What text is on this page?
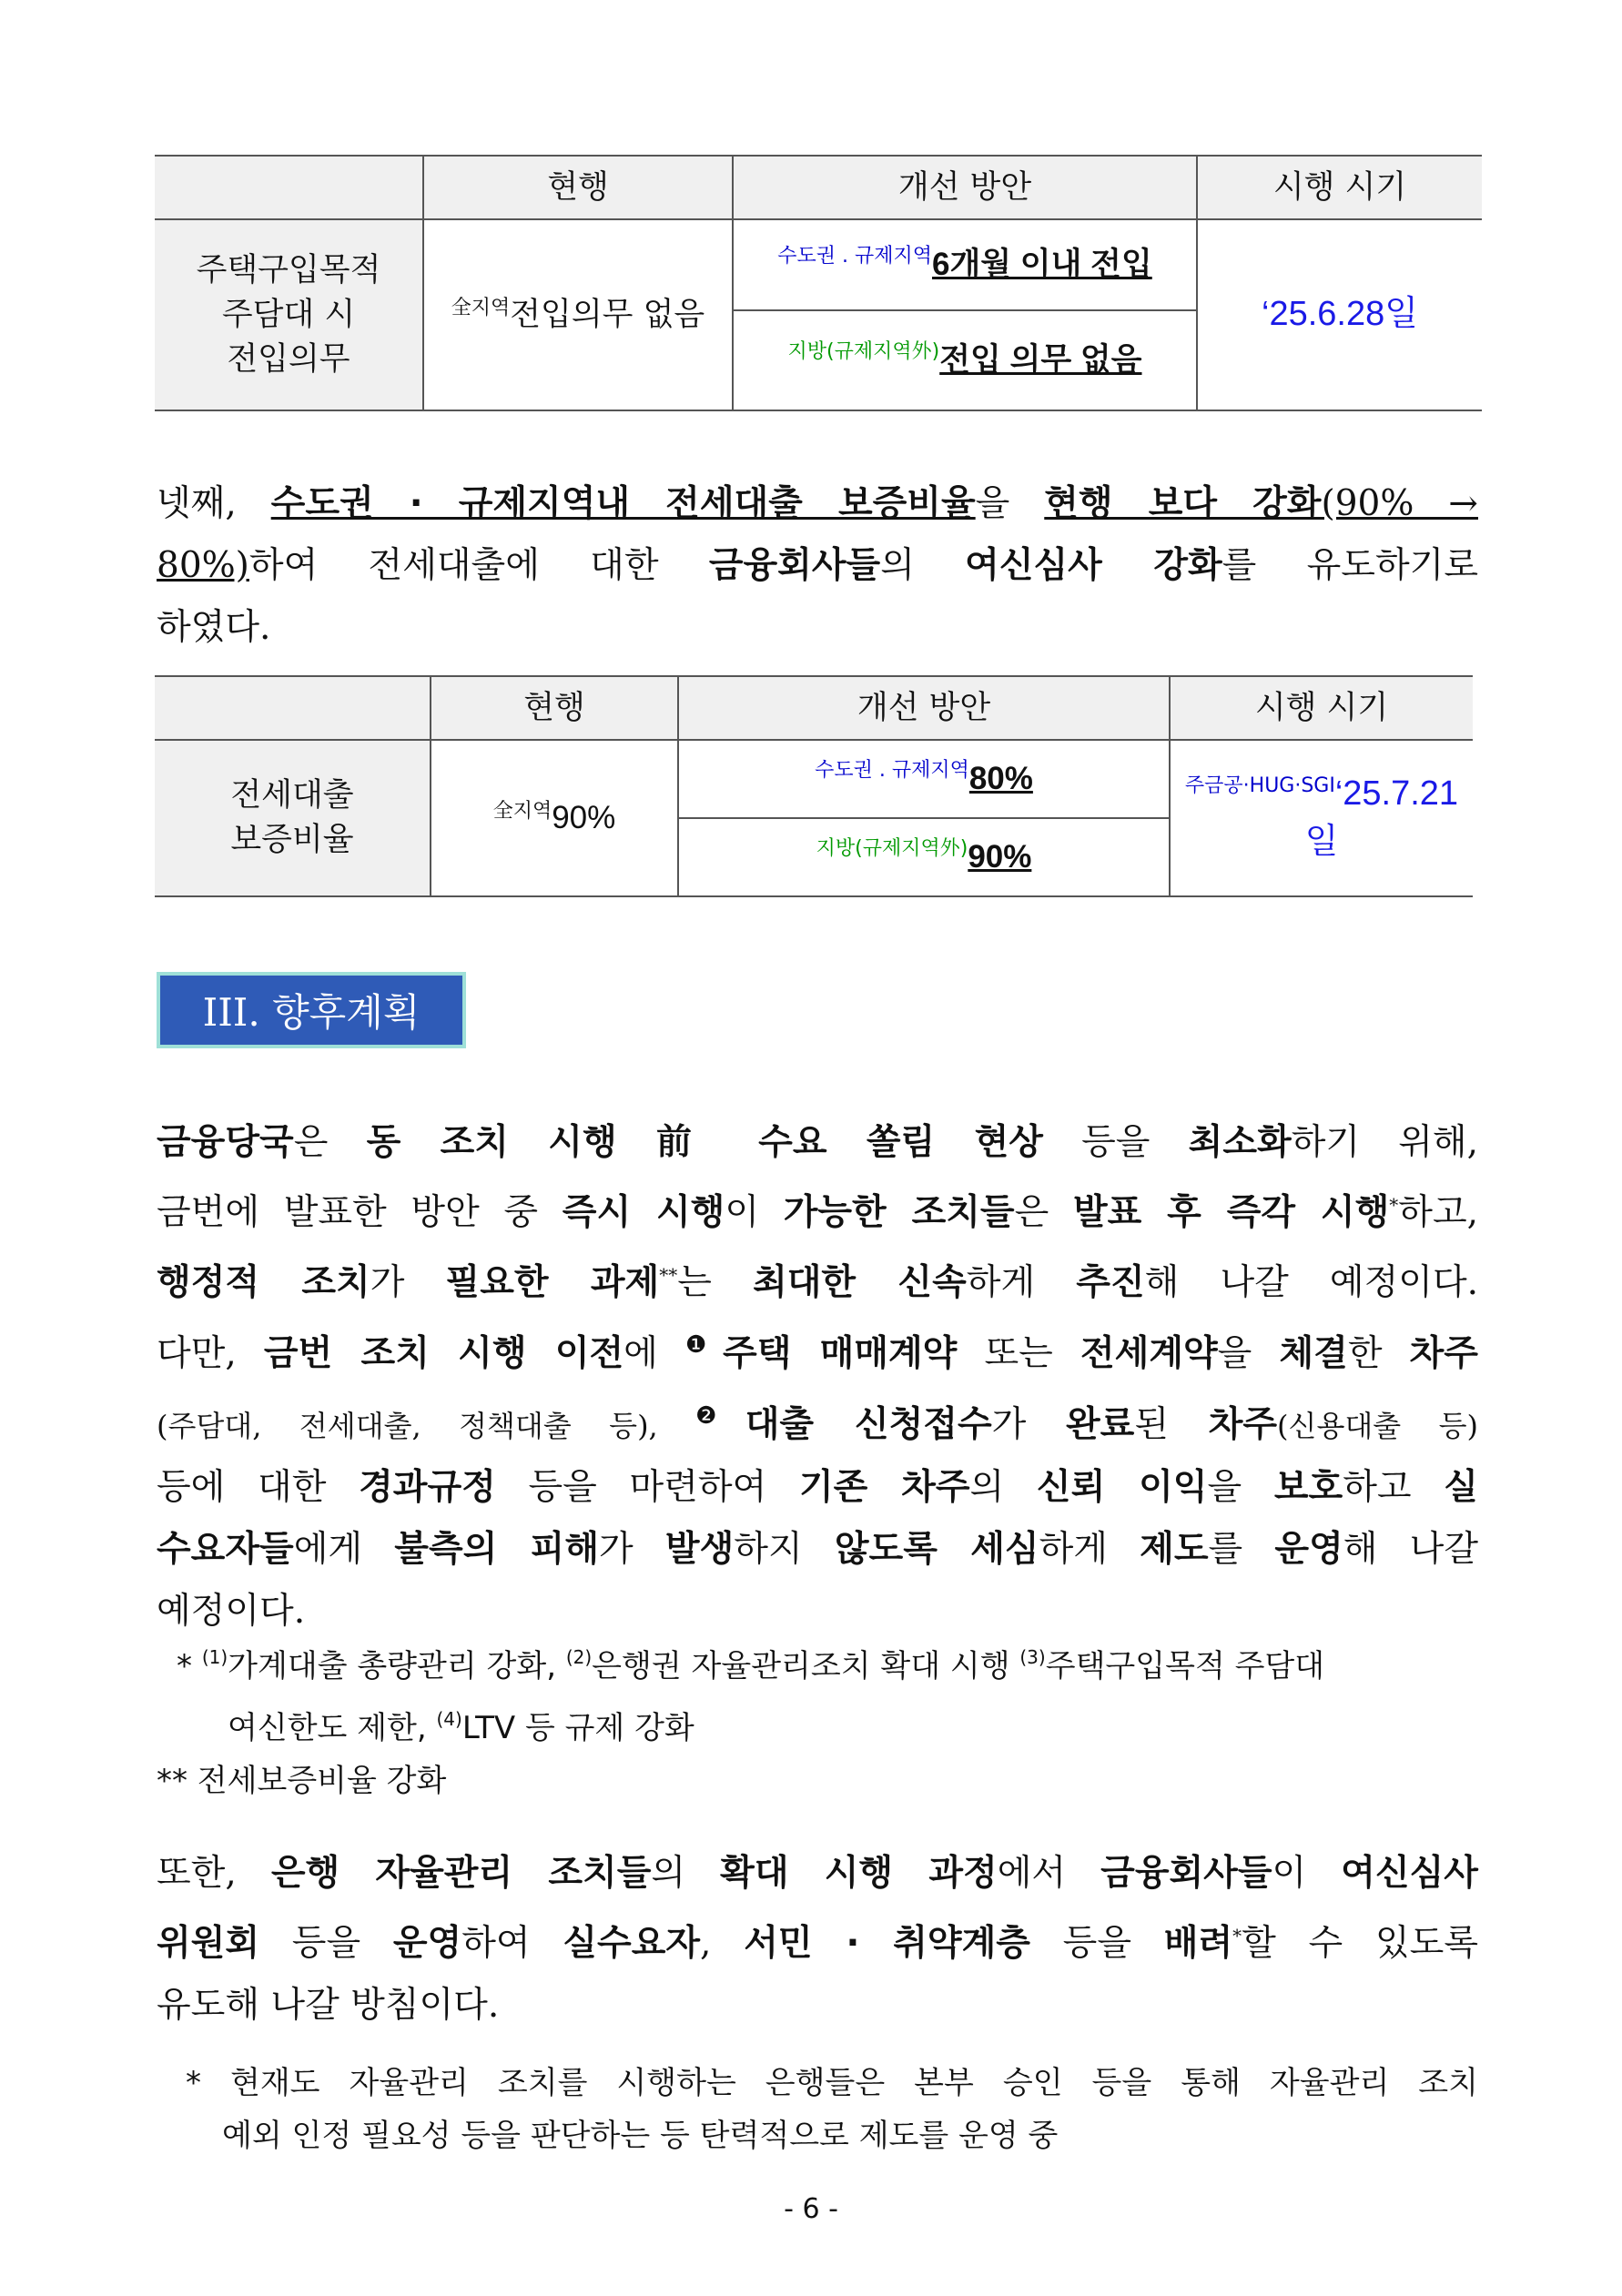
	현행	개선 방안	시행 시기
주택구입목적
주담대 시
전입의무	$^{全지역}$전입의무 없음	$^{수도권 . 규제지역}$6개월 이내 전입	‘25.6.28일
		$^{지방(규제지역外)}$전입 의무 없음	
넷째, 수도권 · 규제지역내 전세대출 보증비율을 현행 보다 강화(90% →
80%)하여 전세대출에 대한 금융회사들의 여신심사 강화를 유도하기로
하였다.
	현행	개선 방안	시행 시기
전세대출
보증비율	$^{全지역}$90%	$^{수도권 . 규제지역}$80%	$^{주금공\cdot HUG\cdot SGI}$‘25.7.21일
		$^{지방(규제지역外)}$90%	
III. 향후계획
금융당국은 동 조치 시행 前 수요 쏠림 현상 등을 최소화하기 위해,
금번에 발표한 방안 중 즉시 시행이 가능한 조치들은 발표 후 즉각 시행*하고,
행정적 조치가 필요한 과제**는 최대한 신속하게 추진해 나갈 예정이다.
다만, 금번 조치 시행 이전에 $^❶$주택 매매계약 또는 전세계약을 체결한 차주
(주담대, 전세대출, 정책대출 등), $^❷$대출 신청접수가 완료된 차주(신용대출 등)
등에 대한 경과규정 등을 마련하여 기존 차주의 신뢰 이익을 보호하고 실
수요자들에게 불측의 피해가 발생하지 않도록 세심하게 제도를 운영해 나갈
예정이다.
* $^{(1)}$가계대출 총량관리 강화, $^{(2)}$은행권 자율관리조치 확대 시행 $^{(3)}$주택구입목적 주담대
여신한도 제한, $^{(4)}$LTV 등 규제 강화
** 전세보증비율 강화
또한, 은행 자율관리 조치들의 확대 시행 과정에서 금융회사들이 여신심사
위원회 등을 운영하여 실수요자, 서민 · 취약계층 등을 배려*할 수 있도록
유도해 나갈 방침이다.
* 현재도 자율관리 조치를 시행하는 은행들은 본부 승인 등을 통해 자율관리 조치
예외 인정 필요성 등을 판단하는 등 탄력적으로 제도를 운영 중
- 6 -
